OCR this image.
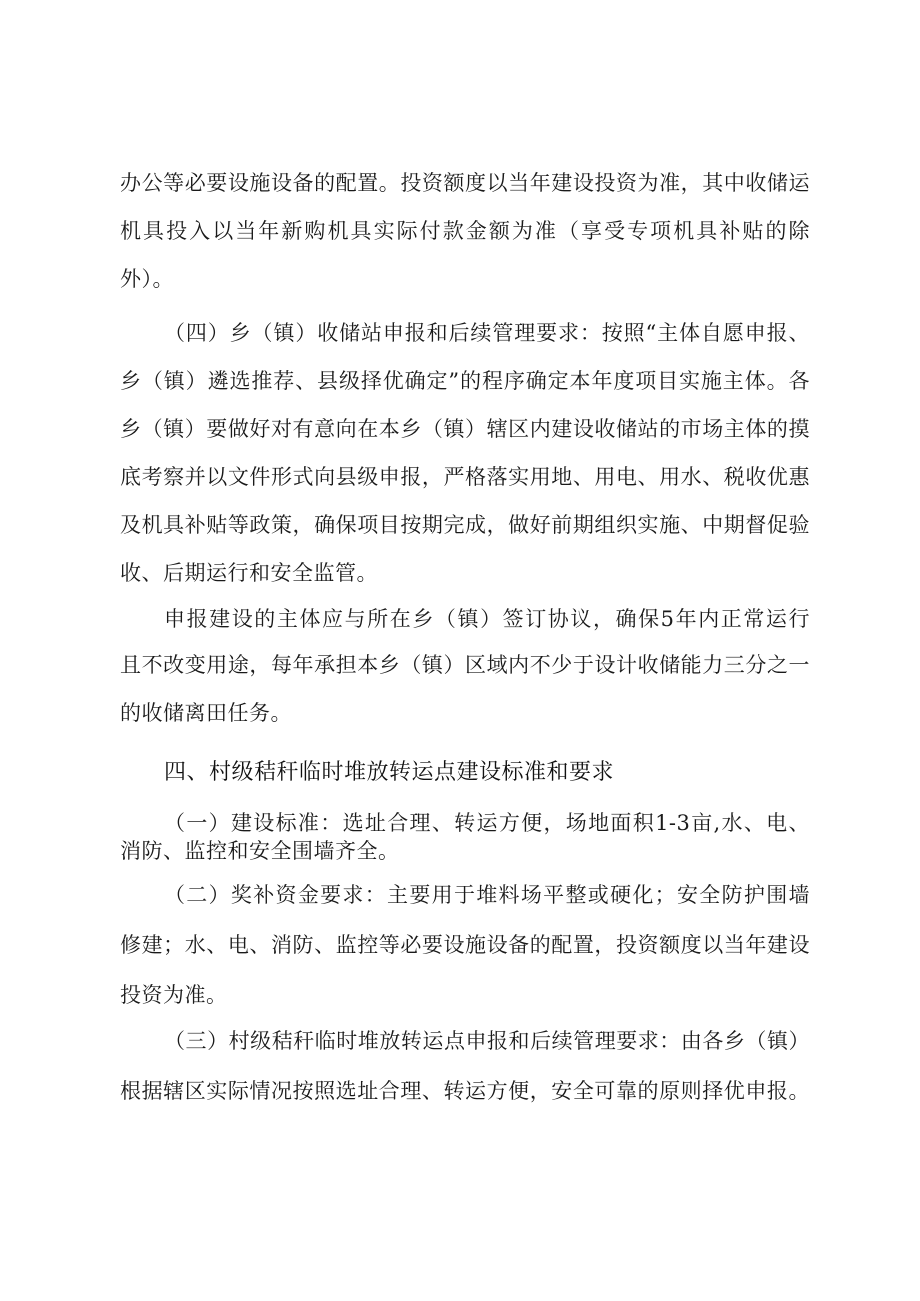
办公等必要设施设备的配置。投资额度以当年建设投资为准，其中收储运
机具投入以当年新购机具实际付款金额为准（享受专项机具补贴的除
外）。
（四）乡（镇）收储站申报和后续管理要求：按照“主体自愿申报、
乡（镇）遴选推荐、县级择优确定”的程序确定本年度项目实施主体。各
乡（镇）要做好对有意向在本乡（镇）辖区内建设收储站的市场主体的摸
底考察并以文件形式向县级申报，严格落实用地、用电、用水、税收优惠
及机具补贴等政策，确保项目按期完成，做好前期组织实施、中期督促验
收、后期运行和安全监管。
申报建设的主体应与所在乡（镇）签订协议，确保5年内正常运行
且不改变用途，每年承担本乡（镇）区域内不少于设计收储能力三分之一
的收储离田任务。
四、村级秸秆临时堆放转运点建设标准和要求
（一）建设标准：选址合理、转运方便，场地面积1-3亩,水、电、
消防、监控和安全围墙齐全。
（二）奖补资金要求：主要用于堆料场平整或硬化；安全防护围墙
修建；水、电、消防、监控等必要设施设备的配置，投资额度以当年建设
投资为准。
（三）村级秸秆临时堆放转运点申报和后续管理要求：由各乡（镇）
根据辖区实际情况按照选址合理、转运方便，安全可靠的原则择优申报。
